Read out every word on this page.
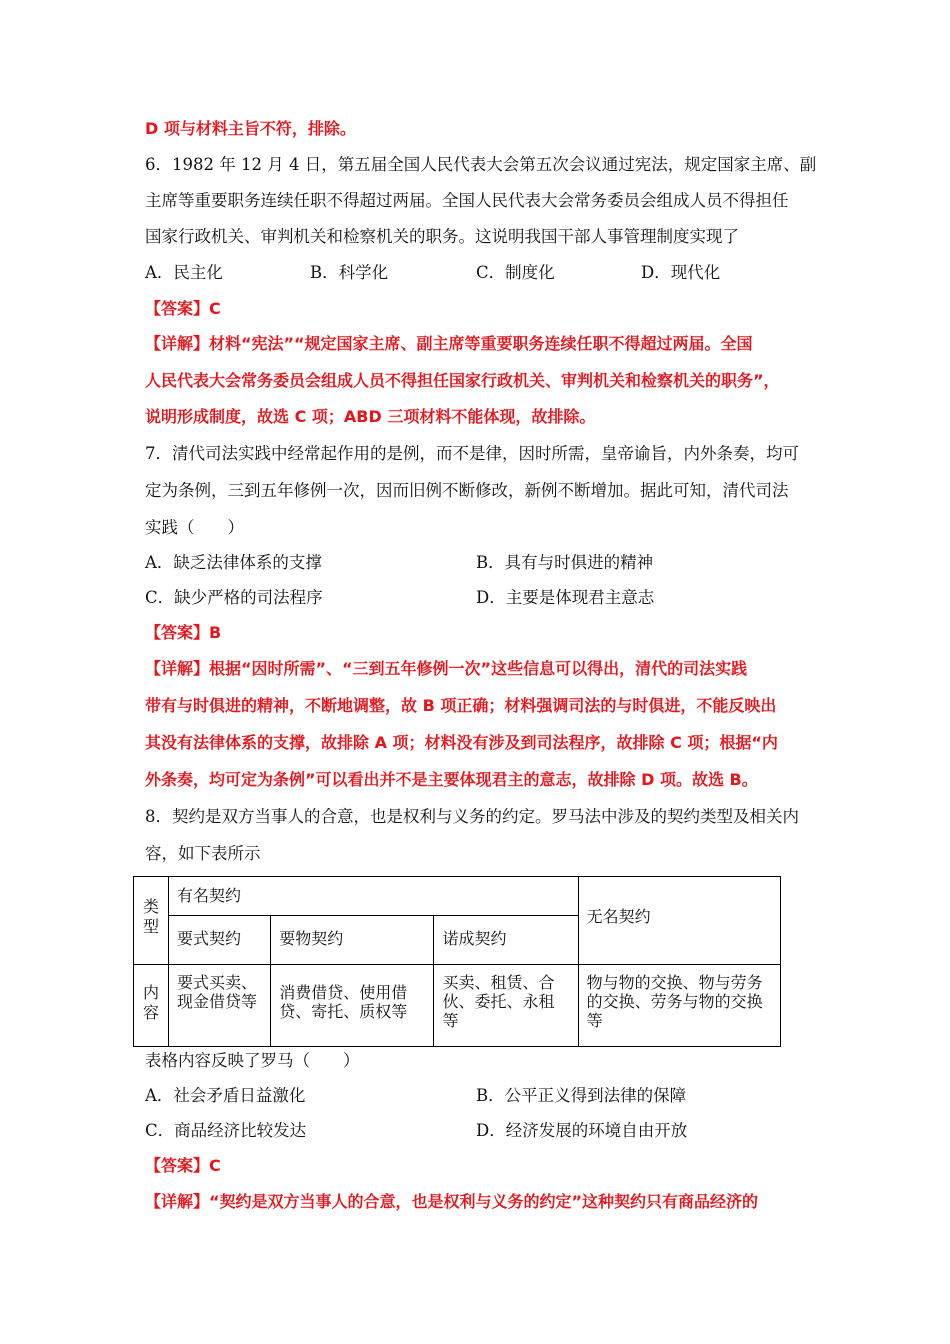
D 项与材料主旨不符，排除。
6．1982 年 12 月 4 日，第五届全国人民代表大会第五次会议通过宪法，规定国家主席、副
主席等重要职务连续任职不得超过两届。全国人民代表大会常务委员会组成人员不得担任
国家行政机关、审判机关和检察机关的职务。这说明我国干部人事管理制度实现了
A．民主化	B．科学化	C．制度化	D．现代化
【答案】C
【详解】材料“宪法”“规定国家主席、副主席等重要职务连续任职不得超过两届。全国
人民代表大会常务委员会组成人员不得担任国家行政机关、审判机关和检察机关的职务”，
说明形成制度，故选 C 项；ABD 三项材料不能体现，故排除。
7．清代司法实践中经常起作用的是例，而不是律，因时所需，皇帝谕旨，内外条奏，均可
定为条例，三到五年修例一次，因而旧例不断修改，新例不断增加。据此可知，清代司法
实践（　　）
A．缺乏法律体系的支撑	B．具有与时俱进的精神
C．缺少严格的司法程序	D．主要是体现君主意志
【答案】B
【详解】根据“因时所需”、“三到五年修例一次”这些信息可以得出，清代的司法实践
带有与时俱进的精神，不断地调整，故 B 项正确；材料强调司法的与时俱进，不能反映出
其没有法律体系的支撑，故排除 A 项；材料没有涉及到司法程序，故排除 C 项；根据“内
外条奏，均可定为条例”可以看出并不是主要体现君主的意志，故排除 D 项。故选 B。
8．契约是双方当事人的合意，也是权利与义务的约定。罗马法中涉及的契约类型及相关内
容，如下表所示
类型	有名契约			无名契约
	要式契约	要物契约	诺成契约	
内容	要式买卖、现金借贷等	消费借贷、使用借贷、寄托、质权等	买卖、租赁、合伙、委托、永租等	物与物的交换、物与劳务的交换、劳务与物的交换等
表格内容反映了罗马（　　）
A．社会矛盾日益激化	B．公平正义得到法律的保障
C．商品经济比较发达	D．经济发展的环境自由开放
【答案】C
【详解】“契约是双方当事人的合意，也是权利与义务的约定”这种契约只有商品经济的
